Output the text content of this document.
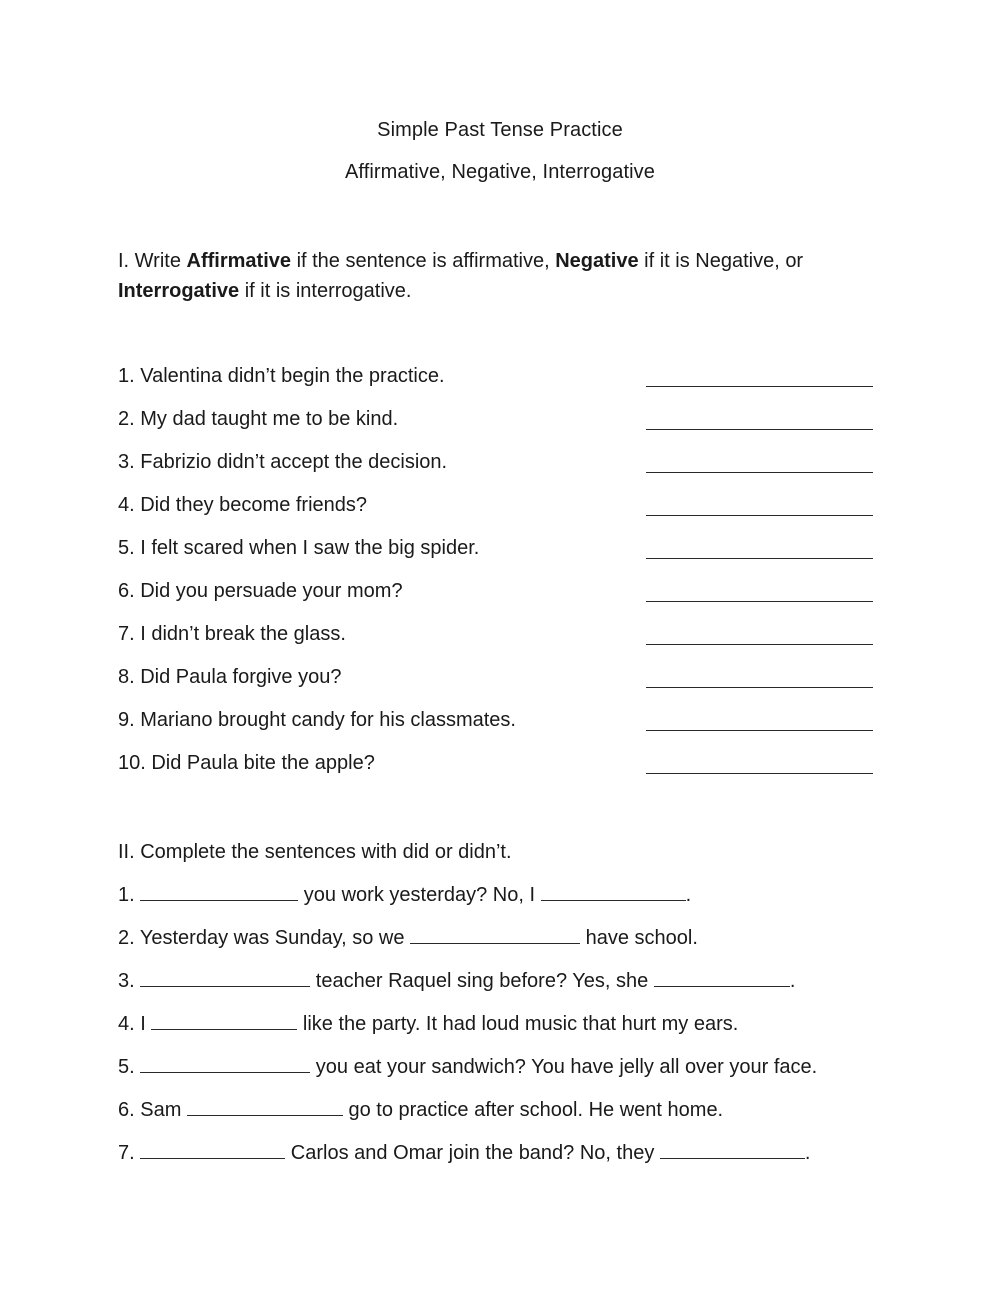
Simple Past Tense Practice
Affirmative, Negative, Interrogative
I. Write Affirmative if the sentence is affirmative, Negative if it is Negative, or
Interrogative if it is interrogative.
1. Valentina didn’t begin the practice.
2. My dad taught me to be kind.
3. Fabrizio didn’t accept the decision.
4. Did they become friends?
5. I felt scared when I saw the big spider.
6. Did you persuade your mom?
7. I didn’t break the glass.
8. Did Paula forgive you?
9. Mariano brought candy for his classmates.
10. Did Paula bite the apple?
II. Complete the sentences with did or didn’t.
1.	you work yesterday? No, I	.
2. Yesterday was Sunday, so we	have school.
3.	teacher Raquel sing before? Yes, she	.
4. I	like the party. It had loud music that hurt my ears.
5.	you eat your sandwich? You have jelly all over your face.
6. Sam	go to practice after school. He went home.
7.	Carlos and Omar join the band? No, they	.
